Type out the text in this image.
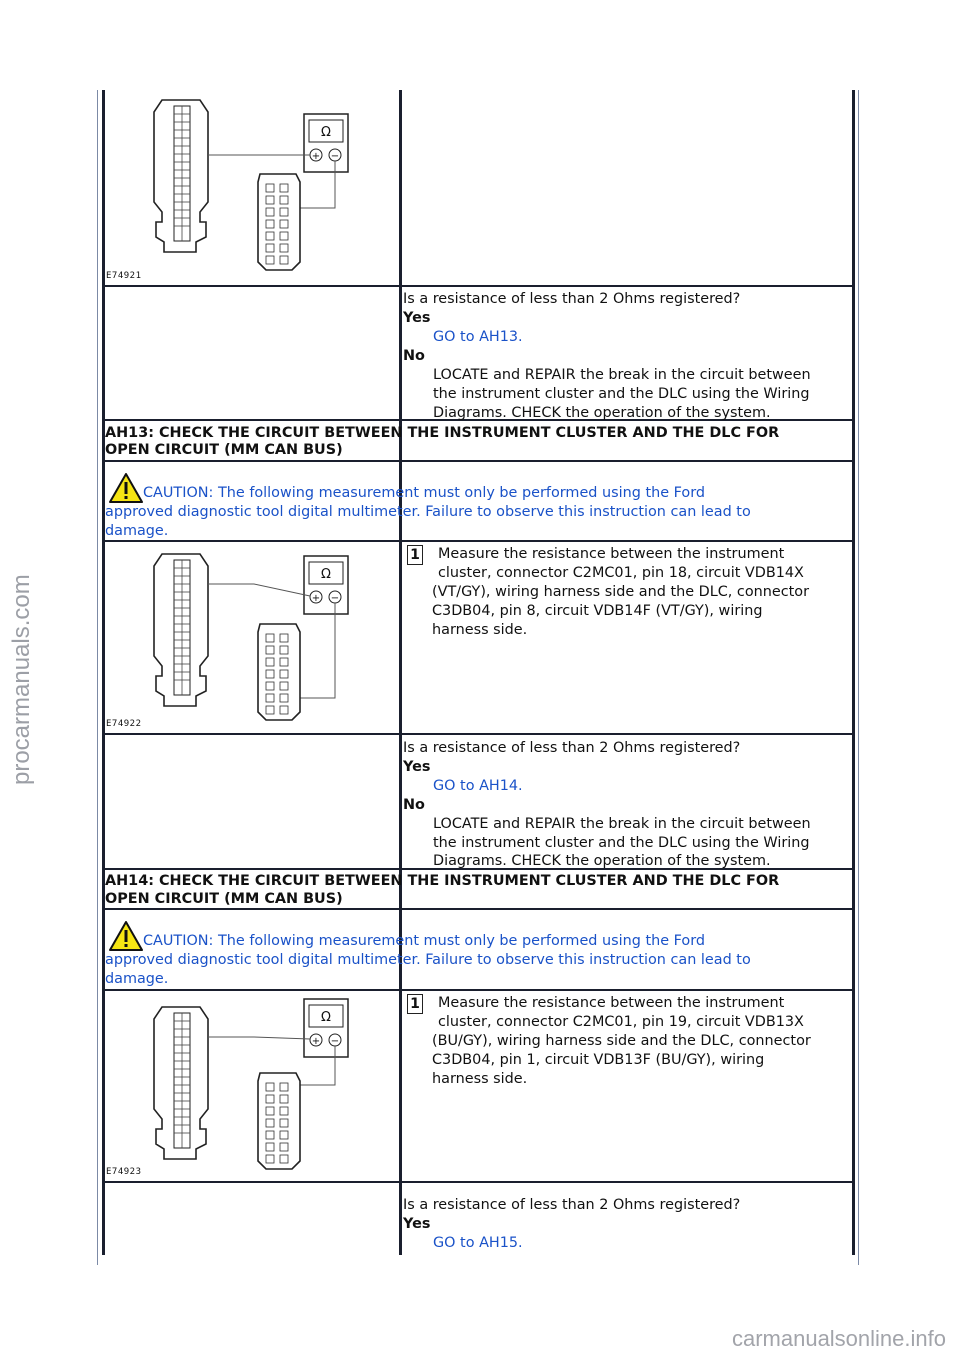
Ω
+ −
E74921
Is a resistance of less than 2 Ohms registered?
Yes
GO to AH13.
No
LOCATE and REPAIR the break in the circuit between
the instrument cluster and the DLC using the Wiring
Diagrams. CHECK the operation of the system.
AH13: CHECK THE CIRCUIT BETWEEN THE INSTRUMENT CLUSTER AND THE DLC FOR
OPEN CIRCUIT (MM CAN BUS)
CAUTION: The following measurement must only be performed using the Ford
approved diagnostic tool digital multimeter. Failure to observe this instruction can lead to
damage.
Ω
+ −
E74922
1 Measure the resistance between the instrument
cluster, connector C2MC01, pin 18, circuit VDB14X
(VT/GY), wiring harness side and the DLC, connector
C3DB04, pin 8, circuit VDB14F (VT/GY), wiring
harness side.
Is a resistance of less than 2 Ohms registered?
Yes
GO to AH14.
No
LOCATE and REPAIR the break in the circuit between
the instrument cluster and the DLC using the Wiring
Diagrams. CHECK the operation of the system.
AH14: CHECK THE CIRCUIT BETWEEN THE INSTRUMENT CLUSTER AND THE DLC FOR
OPEN CIRCUIT (MM CAN BUS)
CAUTION: The following measurement must only be performed using the Ford
approved diagnostic tool digital multimeter. Failure to observe this instruction can lead to
damage.
Ω
+ −
E74923
1 Measure the resistance between the instrument
cluster, connector C2MC01, pin 19, circuit VDB13X
(BU/GY), wiring harness side and the DLC, connector
C3DB04, pin 1, circuit VDB13F (BU/GY), wiring
harness side.
Is a resistance of less than 2 Ohms registered?
Yes
GO to AH15.
procarmanuals.com
carmanualsonline.info
